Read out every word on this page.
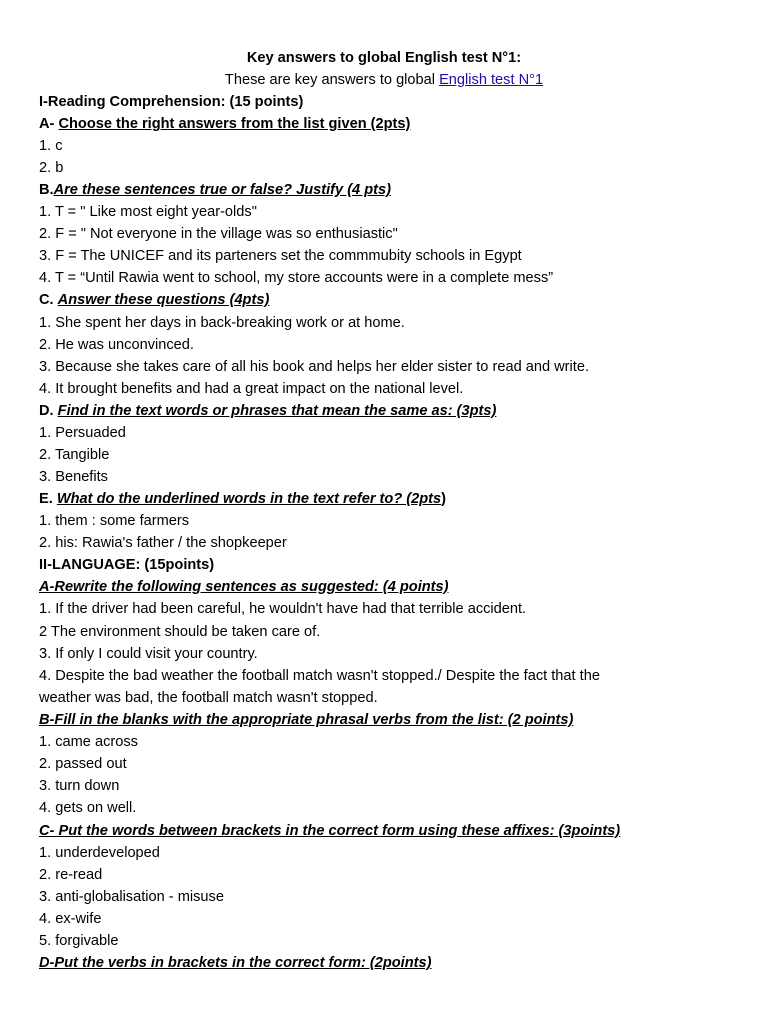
Key answers to global English test N°1:
These are key answers to global English test N°1
I-Reading Comprehension: (15 points)
A- Choose the right answers from the list given (2pts)
1. c
2. b
B.Are these sentences true or false? Justify (4 pts)
1. T = " Like most eight year-olds"
2. F = " Not everyone in the village was so enthusiastic"
3. F = The UNICEF and its parteners set the commmubity schools in Egypt
4. T = “Until Rawia went to school, my store accounts were in a complete mess”
C. Answer these questions (4pts)
1. She spent her days in back-breaking work or at home.
2. He was unconvinced.
3. Because she takes care of all his book and helps her elder sister to read and write.
4. It brought benefits and had a great impact on the national level.
D. Find in the text words or phrases that mean the same as: (3pts)
1. Persuaded
2. Tangible
3. Benefits
E. What do the underlined words in the text refer to? (2pts)
1. them : some farmers
2. his: Rawia's father / the shopkeeper
II-LANGUAGE: (15points)
A-Rewrite the following sentences as suggested: (4 points)
1. If the driver had been careful, he wouldn't have had that terrible accident.
2 The environment should be taken care of.
3. If only I could visit your country.
4. Despite the bad weather the football match wasn't stopped./ Despite the fact that the
weather was bad, the football match wasn't stopped.
B-Fill in the blanks with the appropriate phrasal verbs from the list: (2 points)
1. came across
2. passed out
3. turn down
4. gets on well.
C- Put the words between brackets in the correct form using these affixes: (3points)
1. underdeveloped
2. re-read
3. anti-globalisation - misuse
4. ex-wife
5. forgivable
D-Put the verbs in brackets in the correct form: (2points)
